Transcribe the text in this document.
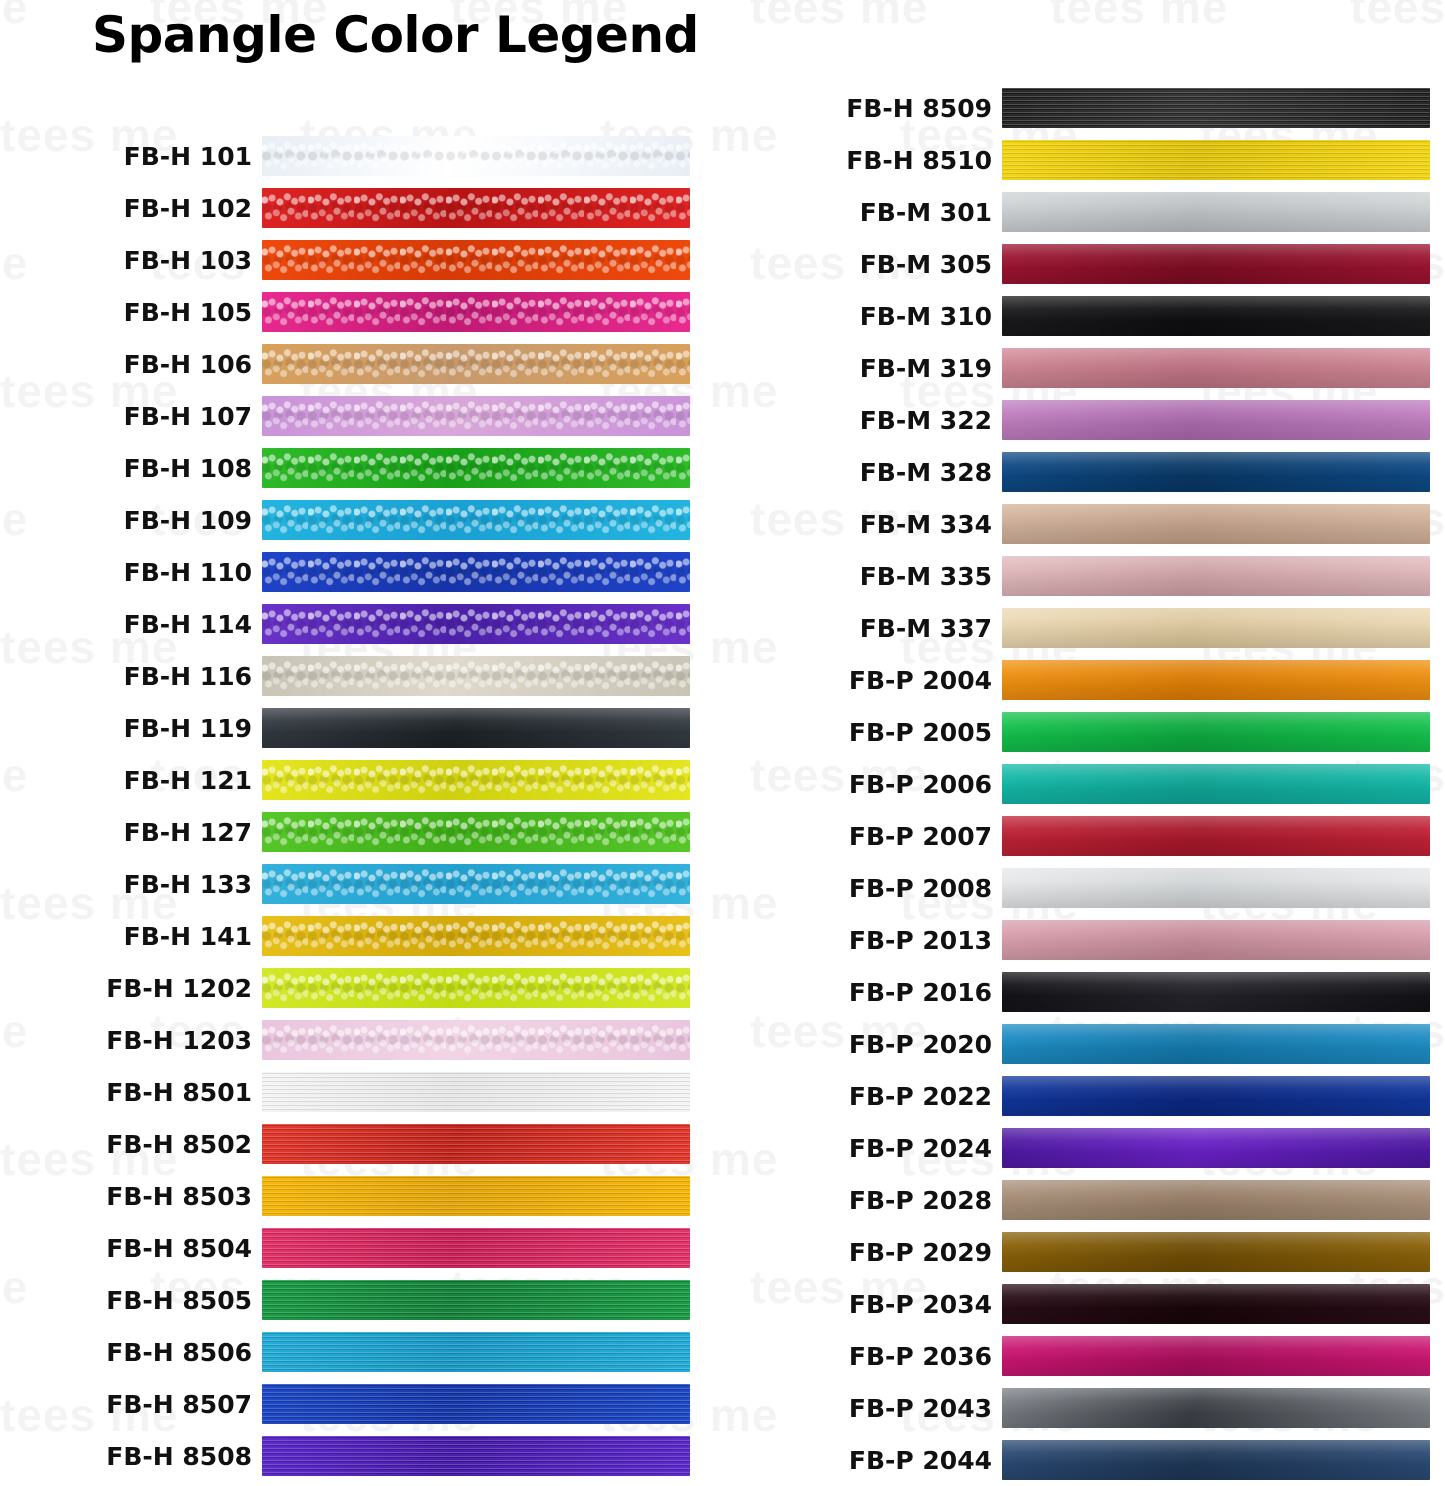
Spangle Color Legend
FB-H 101
FB-H 102
FB-H 103
FB-H 105
FB-H 106
FB-H 107
FB-H 108
FB-H 109
FB-H 110
FB-H 114
FB-H 116
FB-H 119
FB-H 121
FB-H 127
FB-H 133
FB-H 141
FB-H 1202
FB-H 1203
FB-H 8501
FB-H 8502
FB-H 8503
FB-H 8504
FB-H 8505
FB-H 8506
FB-H 8507
FB-H 8508
FB-H 8509
FB-H 8510
FB-M 301
FB-M 305
FB-M 310
FB-M 319
FB-M 322
FB-M 328
FB-M 334
FB-M 335
FB-M 337
FB-P 2004
FB-P 2005
FB-P 2006
FB-P 2007
FB-P 2008
FB-P 2013
FB-P 2016
FB-P 2020
FB-P 2022
FB-P 2024
FB-P 2028
FB-P 2029
FB-P 2034
FB-P 2036
FB-P 2043
FB-P 2044
